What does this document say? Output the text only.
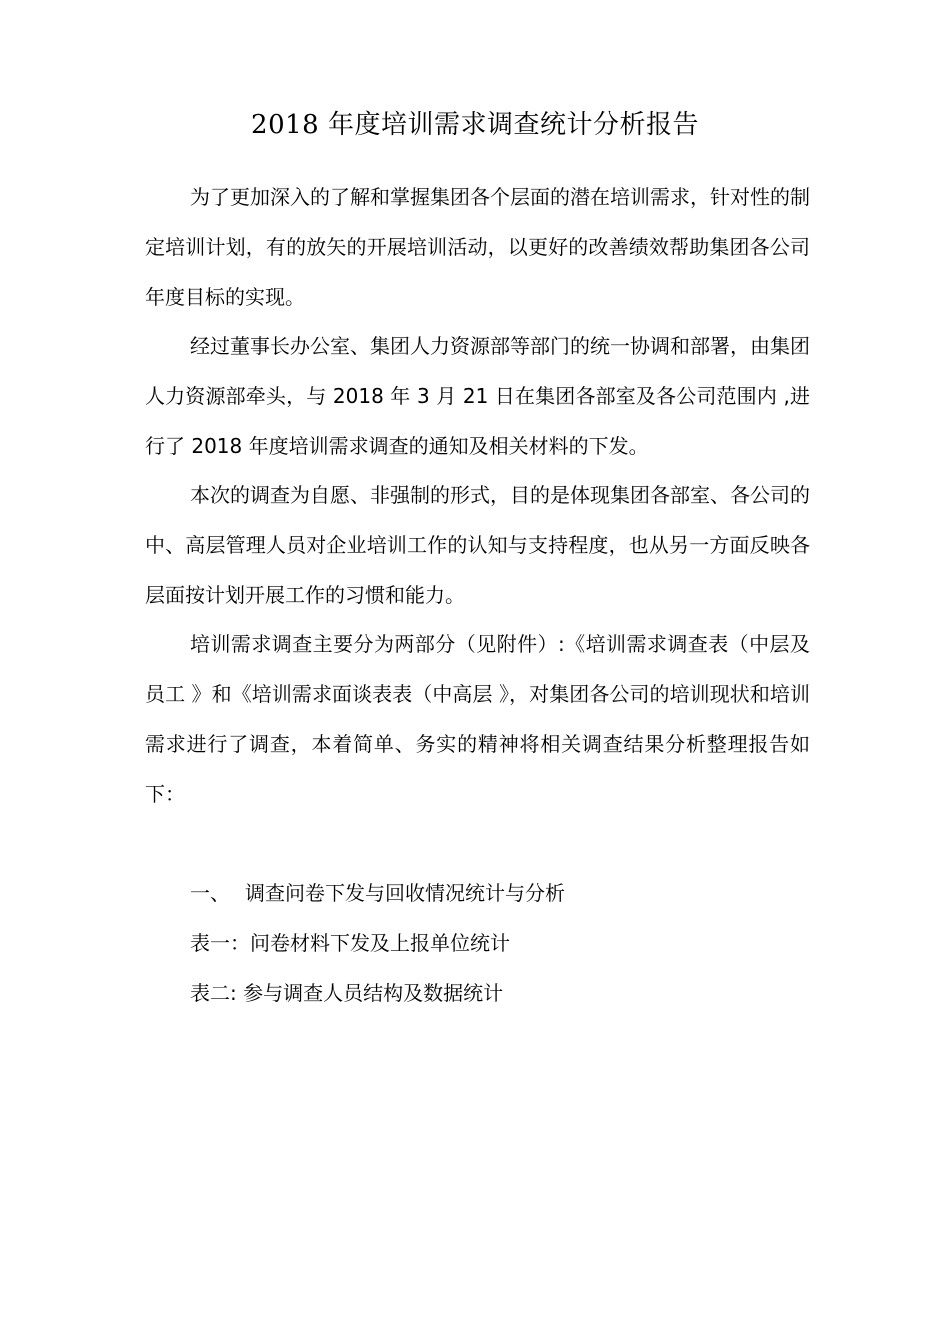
2018 年度培训需求调查统计分析报告

为了更加深入的了解和掌握集团各个层面的潜在培训需求，针对性的制定培训计划，有的放矢的开展培训活动，以更好的改善绩效帮助集团各公司年度目标的实现。

经过董事长办公室、集团人力资源部等部门的统一协调和部署，由集团人力资源部牵头，与 2018 年 3 月 21 日在集团各部室及各公司范围内 ,进行了 2018 年度培训需求调查的通知及相关材料的下发。

本次的调查为自愿、非强制的形式，目的是体现集团各部室、各公司的中、高层管理人员对企业培训工作的认知与支持程度，也从另一方面反映各层面按计划开展工作的习惯和能力。

培训需求调查主要分为两部分（见附件）:《培训需求调查表（中层及员工 》和《培训需求面谈表表（中高层 》，对集团各公司的培训现状和培训需求进行了调查，本着简单、务实的精神将相关调查结果分析整理报告如下：

一、 调查问卷下发与回收情况统计与分析
表一：问卷材料下发及上报单位统计
表二: 参与调查人员结构及数据统计
